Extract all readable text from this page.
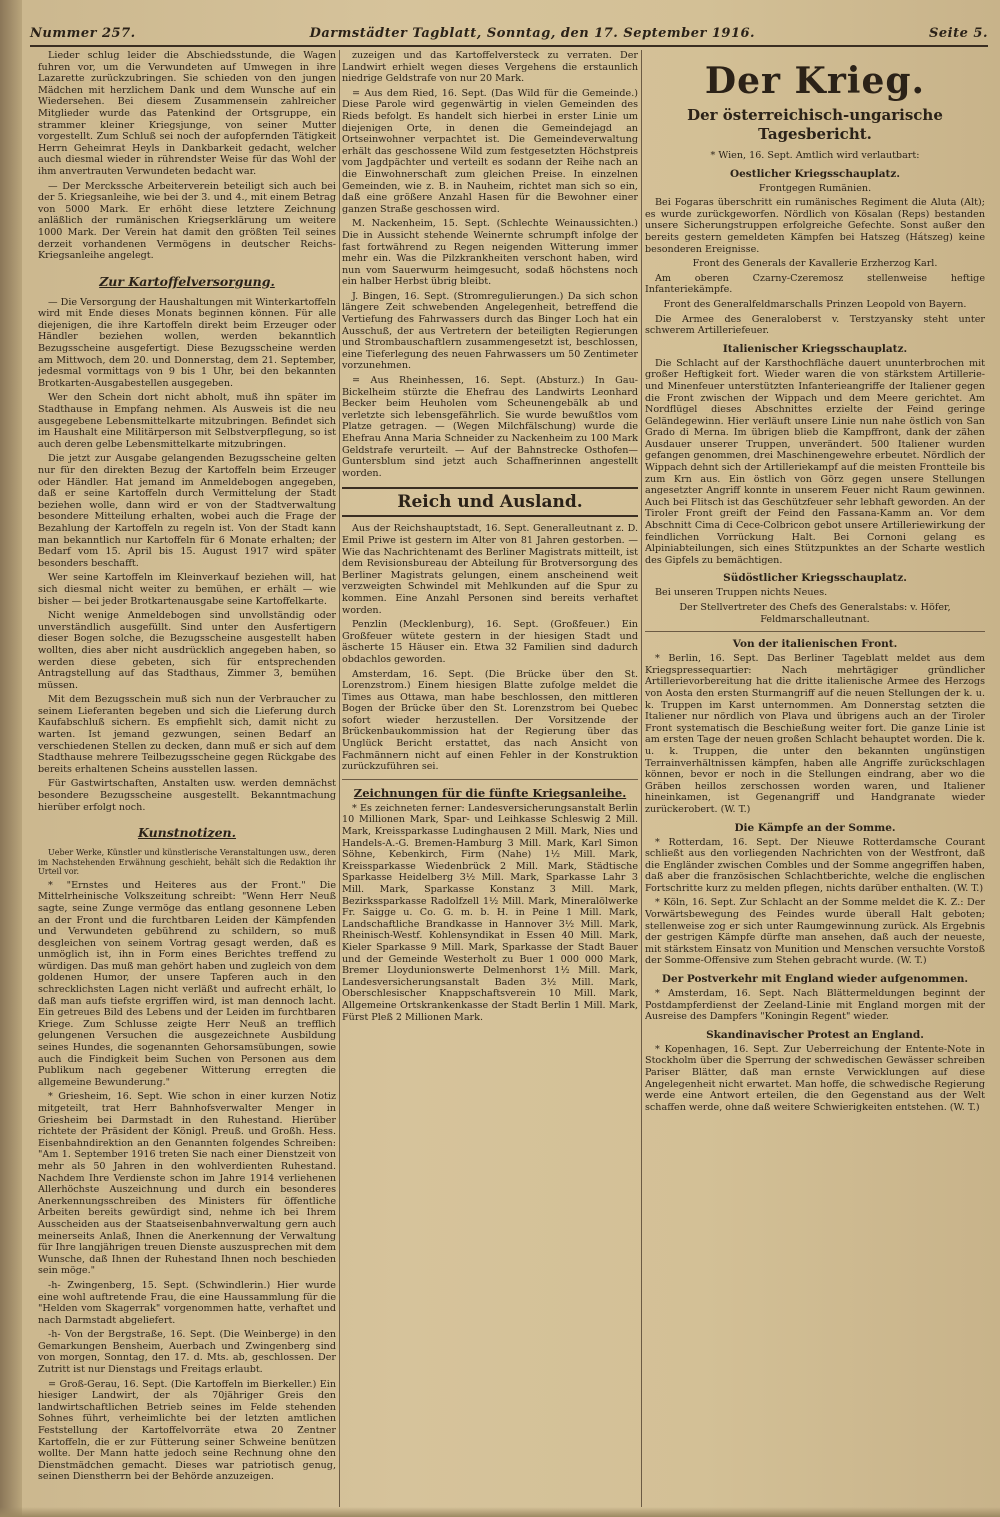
Nummer 257.	Darmstädter Tagblatt, Sonntag, den 17. September 1916.	Seite 5.

Lieder schlug leider die Abschiedsstunde, die Wagen fuhren vor, um die Verwundeten auf Umwegen in ihre Lazarette zurückzubringen. Sie schieden von den jungen Mädchen mit herzlichem Dank und dem Wunsche auf ein Wiedersehen. Bei diesem Zusammensein zahlreicher Mitglieder wurde das Patenkind der Ortsgruppe, ein strammer kleiner Kriegsjunge, von seiner Mutter vorgestellt. Zum Schluß sei noch der aufopfernden Tätigkeit Herrn Geheimrat Heyls in Dankbarkeit gedacht, welcher auch diesmal wieder in rührendster Weise für das Wohl der ihm anvertrauten Verwundeten bedacht war.

— Der Merckssche Arbeiterverein beteiligt sich auch bei der 5. Kriegsanleihe, wie bei der 3. und 4., mit einem Betrag von 5000 Mark. Er erhöht diese letztere Zeichnung anläßlich der rumänischen Kriegserklärung um weitere 1000 Mark. Der Verein hat damit den größten Teil seines derzeit vorhandenen Vermögens in deutscher Reichs-Kriegsanleihe angelegt.

Zur Kartoffelversorgung.

— Die Versorgung der Haushaltungen mit Winterkartoffeln wird mit Ende dieses Monats beginnen können. Für alle diejenigen, die ihre Kartoffeln direkt beim Erzeuger oder Händler beziehen wollen, werden bekanntlich Bezugsscheine ausgefertigt. Diese Bezugsscheine werden am Mittwoch, dem 20. und Donnerstag, dem 21. September, jedesmal vormittags von 9 bis 1 Uhr, bei den bekannten Brotkarten-Ausgabestellen ausgegeben.

Wer den Schein dort nicht abholt, muß ihn später im Stadthause in Empfang nehmen. Als Ausweis ist die neu ausgegebene Lebensmittelkarte mitzubringen. Befindet sich im Haushalt eine Militärperson mit Selbstverpflegung, so ist auch deren gelbe Lebensmittelkarte mitzubringen.

Die jetzt zur Ausgabe gelangenden Bezugsscheine gelten nur für den direkten Bezug der Kartoffeln beim Erzeuger oder Händler. Hat jemand im Anmeldebogen angegeben, daß er seine Kartoffeln durch Vermittelung der Stadt beziehen wolle, dann wird er von der Stadtverwaltung besondere Mitteilung erhalten, wobei auch die Frage der Bezahlung der Kartoffeln zu regeln ist. Von der Stadt kann man bekanntlich nur Kartoffeln für 6 Monate erhalten; der Bedarf vom 15. April bis 15. August 1917 wird später besonders beschafft.

Wer seine Kartoffeln im Kleinverkauf beziehen will, hat sich diesmal nicht weiter zu bemühen, er erhält — wie bisher — bei jeder Brotkartenausgabe seine Kartoffelkarte.

Nicht wenige Anmeldebogen sind unvollständig oder unverständlich ausgefüllt. Sind unter den Ausfertigern dieser Bogen solche, die Bezugsscheine ausgestellt haben wollten, dies aber nicht ausdrücklich angegeben haben, so werden diese gebeten, sich für entsprechenden Antragstellung auf das Stadthaus, Zimmer 3, bemühen müssen.

Mit dem Bezugsschein muß sich nun der Verbraucher zu seinem Lieferanten begeben und sich die Lieferung durch Kaufabschluß sichern. Es empfiehlt sich, damit nicht zu warten. Ist jemand gezwungen, seinen Bedarf an verschiedenen Stellen zu decken, dann muß er sich auf dem Stadthause mehrere Teilbezugsscheine gegen Rückgabe des bereits erhaltenen Scheins ausstellen lassen.

Für Gastwirtschaften, Anstalten usw. werden demnächst besondere Bezugsscheine ausgestellt. Bekanntmachung hierüber erfolgt noch.

Kunstnotizen.

Ueber Werke, Künstler und künstlerische Veranstaltungen usw., deren im Nachstehenden Erwähnung geschieht, behält sich die Redaktion ihr Urteil vor.

* "Ernstes und Heiteres aus der Front." Die Mittelrheinische Volkszeitung schreibt: "Wenn Herr Neuß sagte, seine Zunge vermöge das entlang gesonnene Leben an der Front und die furchtbaren Leiden der Kämpfenden und Verwundeten gebührend zu schildern, so muß desgleichen von seinem Vortrag gesagt werden, daß es unmöglich ist, ihn in Form eines Berichtes treffend zu würdigen. Das muß man gehört haben und zugleich von dem goldenen Humor, der unsere Tapferen auch in den schrecklichsten Lagen nicht verläßt und aufrecht erhält, lo daß man aufs tiefste ergriffen wird, ist man dennoch lacht. Ein getreues Bild des Lebens und der Leiden im furchtbaren Kriege. Zum Schlusse zeigte Herr Neuß an trefflich gelungenen Versuchen die ausgezeichnete Ausbildung seines Hundes, die sogenannten Gehorsamsübungen, sowie auch die Findigkeit beim Suchen von Personen aus dem Publikum nach gegebener Witterung erregten die allgemeine Bewunderung."

* Griesheim, 16. Sept. Wie schon in einer kurzen Notiz mitgeteilt, trat Herr Bahnhofsverwalter Menger in Griesheim bei Darmstadt in den Ruhestand. Hierüber richtete der Präsident der Königl. Preuß. und Großh. Hess. Eisenbahndirektion an den Genannten folgendes Schreiben: "Am 1. September 1916 treten Sie nach einer Dienstzeit von mehr als 50 Jahren in den wohlverdienten Ruhestand. Nachdem Ihre Verdienste schon im Jahre 1914 verliehenen Allerhöchste Auszeichnung und durch ein besonderes Anerkennungsschreiben des Ministers für öffentliche Arbeiten bereits gewürdigt sind, nehme ich bei Ihrem Ausscheiden aus der Staatseisenbahnverwaltung gern auch meinerseits Anlaß, Ihnen die Anerkennung der Verwaltung für Ihre langjährigen treuen Dienste auszusprechen mit dem Wunsche, daß Ihnen der Ruhestand Ihnen noch beschieden sein möge."

-h- Zwingenberg, 15. Sept. (Schwindlerin.) Hier wurde eine wohl auftretende Frau, die eine Haussammlung für die "Helden vom Skagerrak" vorgenommen hatte, verhaftet und nach Darmstadt abgeliefert.

-h- Von der Bergstraße, 16. Sept. (Die Weinberge) in den Gemarkungen Bensheim, Auerbach und Zwingenberg sind von morgen, Sonntag, den 17. d. Mts. ab, geschlossen. Der Zutritt ist nur Dienstags und Freitags erlaubt.

= Groß-Gerau, 16. Sept. (Die Kartoffeln im Bierkeller.) Ein hiesiger Landwirt, der als 70jähriger Greis den landwirtschaftlichen Betrieb seines im Felde stehenden Sohnes führt, verheimlichte bei der letzten amtlichen Feststellung der Kartoffelvorräte etwa 20 Zentner Kartoffeln, die er zur Fütterung seiner Schweine benützen wollte. Der Mann hatte jedoch seine Rechnung ohne den Dienstmädchen gemacht. Dieses war patriotisch genug, seinen Dienstherrn bei der Behörde anzuzeigen.

zuzeigen und das Kartoffelversteck zu verraten. Der Landwirt erhielt wegen dieses Vergehens die erstaunlich niedrige Geldstrafe von nur 20 Mark.

= Aus dem Ried, 16. Sept. (Das Wild für die Gemeinde.) Diese Parole wird gegenwärtig in vielen Gemeinden des Rieds befolgt. Es handelt sich hierbei in erster Linie um diejenigen Orte, in denen die Gemeindejagd an Ortseinwohner verpachtet ist. Die Gemeindeverwaltung erhält das geschossene Wild zum festgesetzten Höchstpreis vom Jagdpächter und verteilt es sodann der Reihe nach an die Einwohnerschaft zum gleichen Preise. In einzelnen Gemeinden, wie z. B. in Nauheim, richtet man sich so ein, daß eine größere Anzahl Hasen für die Bewohner einer ganzen Straße geschossen wird.

M. Nackenheim, 15. Sept. (Schlechte Weinaussichten.) Die in Aussicht stehende Weinernte schrumpft infolge der fast fortwährend zu Regen neigenden Witterung immer mehr ein. Was die Pilzkrankheiten verschont haben, wird nun vom Sauerwurm heimgesucht, sodaß höchstens noch ein halber Herbst übrig bleibt.

J. Bingen, 16. Sept. (Stromregulierungen.) Da sich schon längere Zeit schwebenden Angelegenheit, betreffend die Vertiefung des Fahrwassers durch das Binger Loch hat ein Ausschuß, der aus Vertretern der beteiligten Regierungen und Strombauschaftlern zusammengesetzt ist, beschlossen, eine Tieferlegung des neuen Fahrwassers um 50 Zentimeter vorzunehmen.

= Aus Rheinhessen, 16. Sept. (Absturz.) In Gau-Bickelheim stürzte die Ehefrau des Landwirts Leonhard Becker beim Heuholen vom Scheunengebälk ab und verletzte sich lebensgefährlich. Sie wurde bewußtlos vom Platze getragen. — (Wegen Milchfälschung) wurde die Ehefrau Anna Maria Schneider zu Nackenheim zu 100 Mark Geldstrafe verurteilt. — Auf der Bahnstrecke Osthofen—Guntersblum sind jetzt auch Schaffnerinnen angestellt worden.

Reich und Ausland.

Aus der Reichshauptstadt, 16. Sept. Generalleutnant z. D. Emil Priwe ist gestern im Alter von 81 Jahren gestorben. — Wie das Nachrichtenamt des Berliner Magistrats mitteilt, ist dem Revisionsbureau der Abteilung für Brotversorgung des Berliner Magistrats gelungen, einem anscheinend weit verzweigten Schwindel mit Mehlkunden auf die Spur zu kommen. Eine Anzahl Personen sind bereits verhaftet worden.

Penzlin (Mecklenburg), 16. Sept. (Großfeuer.) Ein Großfeuer wütete gestern in der hiesigen Stadt und äscherte 15 Häuser ein. Etwa 32 Familien sind dadurch obdachlos geworden.

Amsterdam, 16. Sept. (Die Brücke über den St. Lorenzstrom.) Einem hiesigen Blatte zufolge meldet die Times aus Ottawa, man habe beschlossen, den mittleren Bogen der Brücke über den St. Lorenzstrom bei Quebec sofort wieder herzustellen. Der Vorsitzende der Brückenbaukommission hat der Regierung über das Unglück Bericht erstattet, das nach Ansicht von Fachmännern nicht auf einen Fehler in der Konstruktion zurückzuführen sei.

Zeichnungen für die fünfte Kriegsanleihe.

* Es zeichneten ferner: Landesversicherungsanstalt Berlin 10 Millionen Mark, Spar- und Leihkasse Schleswig 2 Mill. Mark, Kreissparkasse Ludinghausen 2 Mill. Mark, Nies und Handels-A.-G. Bremen-Hamburg 3 Mill. Mark, Karl Simon Söhne, Kebenkirch, Firm (Nahe) 1½ Mill. Mark, Kreissparkasse Wiedenbrück 2 Mill. Mark, Städtische Sparkasse Heidelberg 3½ Mill. Mark, Sparkasse Lahr 3 Mill. Mark, Sparkasse Konstanz 3 Mill. Mark, Bezirkssparkasse Radolfzell 1½ Mill. Mark, Mineralölwerke Fr. Saigge u. Co. G. m. b. H. in Peine 1 Mill. Mark, Landschaftliche Brandkasse in Hannover 3½ Mill. Mark, Rheinisch-Westf. Kohlensyndikat in Essen 40 Mill. Mark, Kieler Sparkasse 9 Mill. Mark, Sparkasse der Stadt Bauer und der Gemeinde Westerholt zu Buer 1 000 000 Mark, Bremer Lloydunionswerte Delmenhorst 1½ Mill. Mark, Landesversicherungsanstalt Baden 3½ Mill. Mark, Oberschlesischer Knappschaftsverein 10 Mill. Mark, Allgemeine Ortskrankenkasse der Stadt Berlin 1 Mill. Mark, Fürst Pleß 2 Millionen Mark.

Der Krieg.
Der österreichisch-ungarische Tagesbericht.

* Wien, 16. Sept. Amtlich wird verlautbart:

Oestlicher Kriegsschauplatz.

Frontgegen Rumänien.

Bei Fogaras überschritt ein rumänisches Regiment die Aluta (Alt); es wurde zurückgeworfen. Nördlich von Kösalan (Reps) bestanden unsere Sicherungstruppen erfolgreiche Gefechte. Sonst außer den bereits gestern gemeldeten Kämpfen bei Hatszeg (Hátszeg) keine besonderen Ereignisse.

Front des Generals der Kavallerie Erzherzog Karl.

Am oberen Czarny-Czeremosz stellenweise heftige Infanteriekämpfe.

Front des Generalfeldmarschalls Prinzen Leopold von Bayern.

Die Armee des Generaloberst v. Terstzyansky steht unter schwerem Artilleriefeuer.

Italienischer Kriegsschauplatz.

Die Schlacht auf der Karsthochfläche dauert ununterbrochen mit großer Heftigkeit fort. Wieder waren die von stärkstem Artillerie- und Minenfeuer unterstützten Infanterieangriffe der Italiener gegen die Front zwischen der Wippach und dem Meere gerichtet. Am Nordflügel dieses Abschnittes erzielte der Feind geringe Geländegewinn. Hier verläuft unsere Linie nun nahe östlich von San Grado di Merna. Im übrigen blieb die Kampffront, dank der zähen Ausdauer unserer Truppen, unverändert. 500 Italiener wurden gefangen genommen, drei Maschinengewehre erbeutet. Nördlich der Wippach dehnt sich der Artilleriekampf auf die meisten Frontteile bis zum Krn aus. Ein östlich von Görz gegen unsere Stellungen angesetzter Angriff konnte in unserem Feuer nicht Raum gewinnen. Auch bei Flitsch ist das Geschützfeuer sehr lebhaft geworden. An der Tiroler Front greift der Feind den Fassana-Kamm an. Vor dem Abschnitt Cima di Cece-Colbricon gebot unsere Artilleriewirkung der feindlichen Vorrückung Halt. Bei Cornoni gelang es Alpiniabteilungen, sich eines Stützpunktes an der Scharte westlich des Gipfels zu bemächtigen.

Südöstlicher Kriegsschauplatz.

Bei unseren Truppen nichts Neues.

Der Stellvertreter des Chefs des Generalstabs: v. Höfer, Feldmarschalleutnant.

Von der italienischen Front.

* Berlin, 16. Sept. Das Berliner Tageblatt meldet aus dem Kriegspressequartier: Nach mehrtägiger gründlicher Artillerievorbereitung hat die dritte italienische Armee des Herzogs von Aosta den ersten Sturmangriff auf die neuen Stellungen der k. u. k. Truppen im Karst unternommen. Am Donnerstag setzten die Italiener nur nördlich von Plava und übrigens auch an der Tiroler Front systematisch die Beschießung weiter fort. Die ganze Linie ist am ersten Tage der neuen großen Schlacht behauptet worden. Die k. u. k. Truppen, die unter den bekannten ungünstigen Terrainverhältnissen kämpfen, haben alle Angriffe zurückschlagen können, bevor er noch in die Stellungen eindrang, aber wo die Gräben heillos zerschossen worden waren, und Italiener hineinkamen, ist Gegenangriff und Handgranate wieder zurückerobert. (W. T.)

Die Kämpfe an der Somme.

* Rotterdam, 16. Sept. Der Nieuwe Rotterdamsche Courant schließt aus den vorliegenden Nachrichten von der Westfront, daß die Engländer zwischen Combles und der Somme angegriffen haben, daß aber die französischen Schlachtberichte, welche die englischen Fortschritte kurz zu melden pflegen, nichts darüber enthalten. (W. T.)

* Köln, 16. Sept. Zur Schlacht an der Somme meldet die K. Z.: Der Vorwärtsbewegung des Feindes wurde überall Halt geboten; stellenweise zog er sich unter Raumgewinnung zurück. Als Ergebnis der gestrigen Kämpfe dürfte man ansehen, daß auch der neueste, mit stärkstem Einsatz von Munition und Menschen versuchte Vorstoß der Somme-Offensive zum Stehen gebracht wurde. (W. T.)

Der Postverkehr mit England wieder aufgenommen.

* Amsterdam, 16. Sept. Nach Blättermeldungen beginnt der Postdampferdienst der Zeeland-Linie mit England morgen mit der Ausreise des Dampfers "Koningin Regent" wieder.

Skandinavischer Protest an England.

* Kopenhagen, 16. Sept. Zur Ueberreichung der Entente-Note in Stockholm über die Sperrung der schwedischen Gewässer schreiben Pariser Blätter, daß man ernste Verwicklungen auf diese Angelegenheit nicht erwartet. Man hoffe, die schwedische Regierung werde eine Antwort erteilen, die den Gegenstand aus der Welt schaffen werde, ohne daß weitere Schwierigkeiten entstehen. (W. T.)
